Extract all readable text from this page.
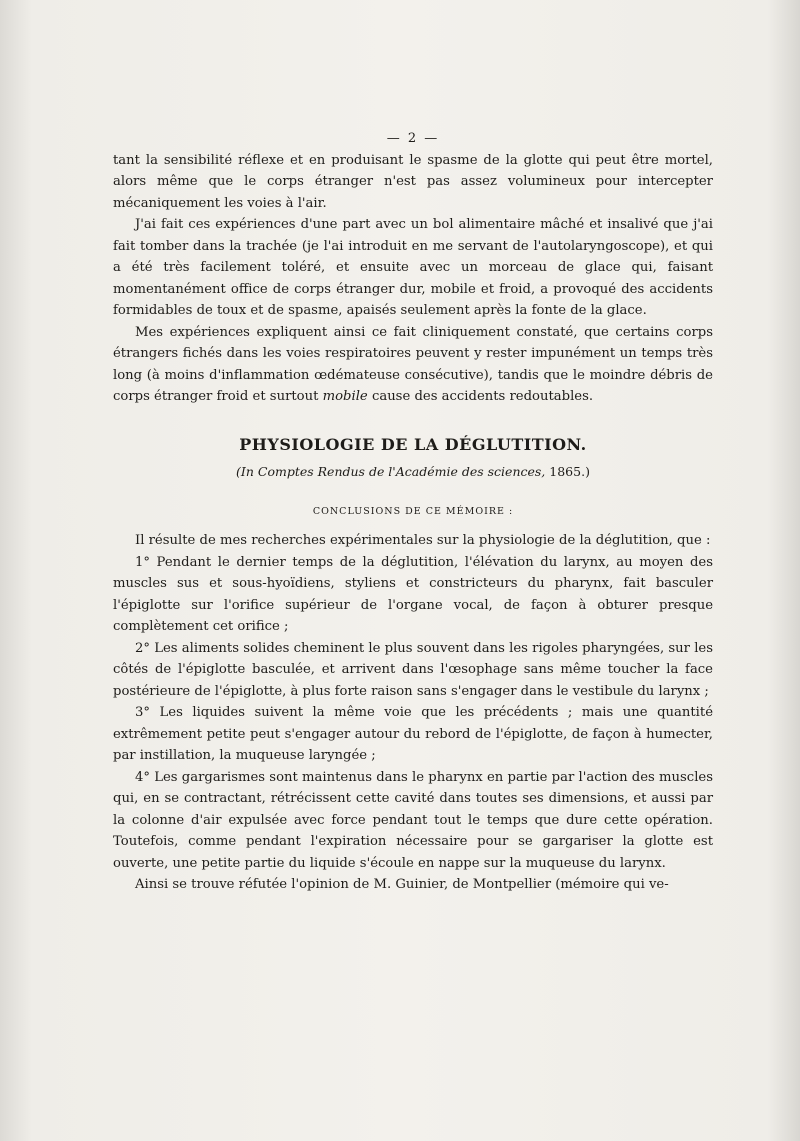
— 2 —

tant la sensibilité réflexe et en produisant le spasme de la glotte qui peut être mortel, alors même que le corps étranger n'est pas assez volumineux pour intercepter mécaniquement les voies à l'air.

J'ai fait ces expériences d'une part avec un bol alimentaire mâché et insalivé que j'ai fait tomber dans la trachée (je l'ai introduit en me servant de l'autolaryngoscope), et qui a été très facilement toléré, et ensuite avec un morceau de glace qui, faisant momentanément office de corps étranger dur, mobile et froid, a provoqué des accidents formidables de toux et de spasme, apaisés seulement après la fonte de la glace.

Mes expériences expliquent ainsi ce fait cliniquement constaté, que certains corps étrangers fichés dans les voies respiratoires peuvent y rester impunément un temps très long (à moins d'inflammation œdémateuse consécutive), tandis que le moindre débris de corps étranger froid et surtout mobile cause des accidents redoutables.

PHYSIOLOGIE DE LA DÉGLUTITION.
(In Comptes Rendus de l'Académie des sciences, 1865.)
CONCLUSIONS DE CE MÉMOIRE :

Il résulte de mes recherches expérimentales sur la physiologie de la déglutition, que :

1° Pendant le dernier temps de la déglutition, l'élévation du larynx, au moyen des muscles sus et sous-hyoïdiens, styliens et constricteurs du pharynx, fait basculer l'épiglotte sur l'orifice supérieur de l'organe vocal, de façon à obturer presque complètement cet orifice ;

2° Les aliments solides cheminent le plus souvent dans les rigoles pharyngées, sur les côtés de l'épiglotte basculée, et arrivent dans l'œsophage sans même toucher la face postérieure de l'épiglotte, à plus forte raison sans s'engager dans le vestibule du larynx ;

3° Les liquides suivent la même voie que les précédents ; mais une quantité extrêmement petite peut s'engager autour du rebord de l'épiglotte, de façon à humecter, par instillation, la muqueuse laryngée ;

4° Les gargarismes sont maintenus dans le pharynx en partie par l'action des muscles qui, en se contractant, rétrécissent cette cavité dans toutes ses dimensions, et aussi par la colonne d'air expulsée avec force pendant tout le temps que dure cette opération. Toutefois, comme pendant l'expiration nécessaire pour se gargariser la glotte est ouverte, une petite partie du liquide s'écoule en nappe sur la muqueuse du larynx.

Ainsi se trouve réfutée l'opinion de M. Guinier, de Montpellier (mémoire qui ve-
